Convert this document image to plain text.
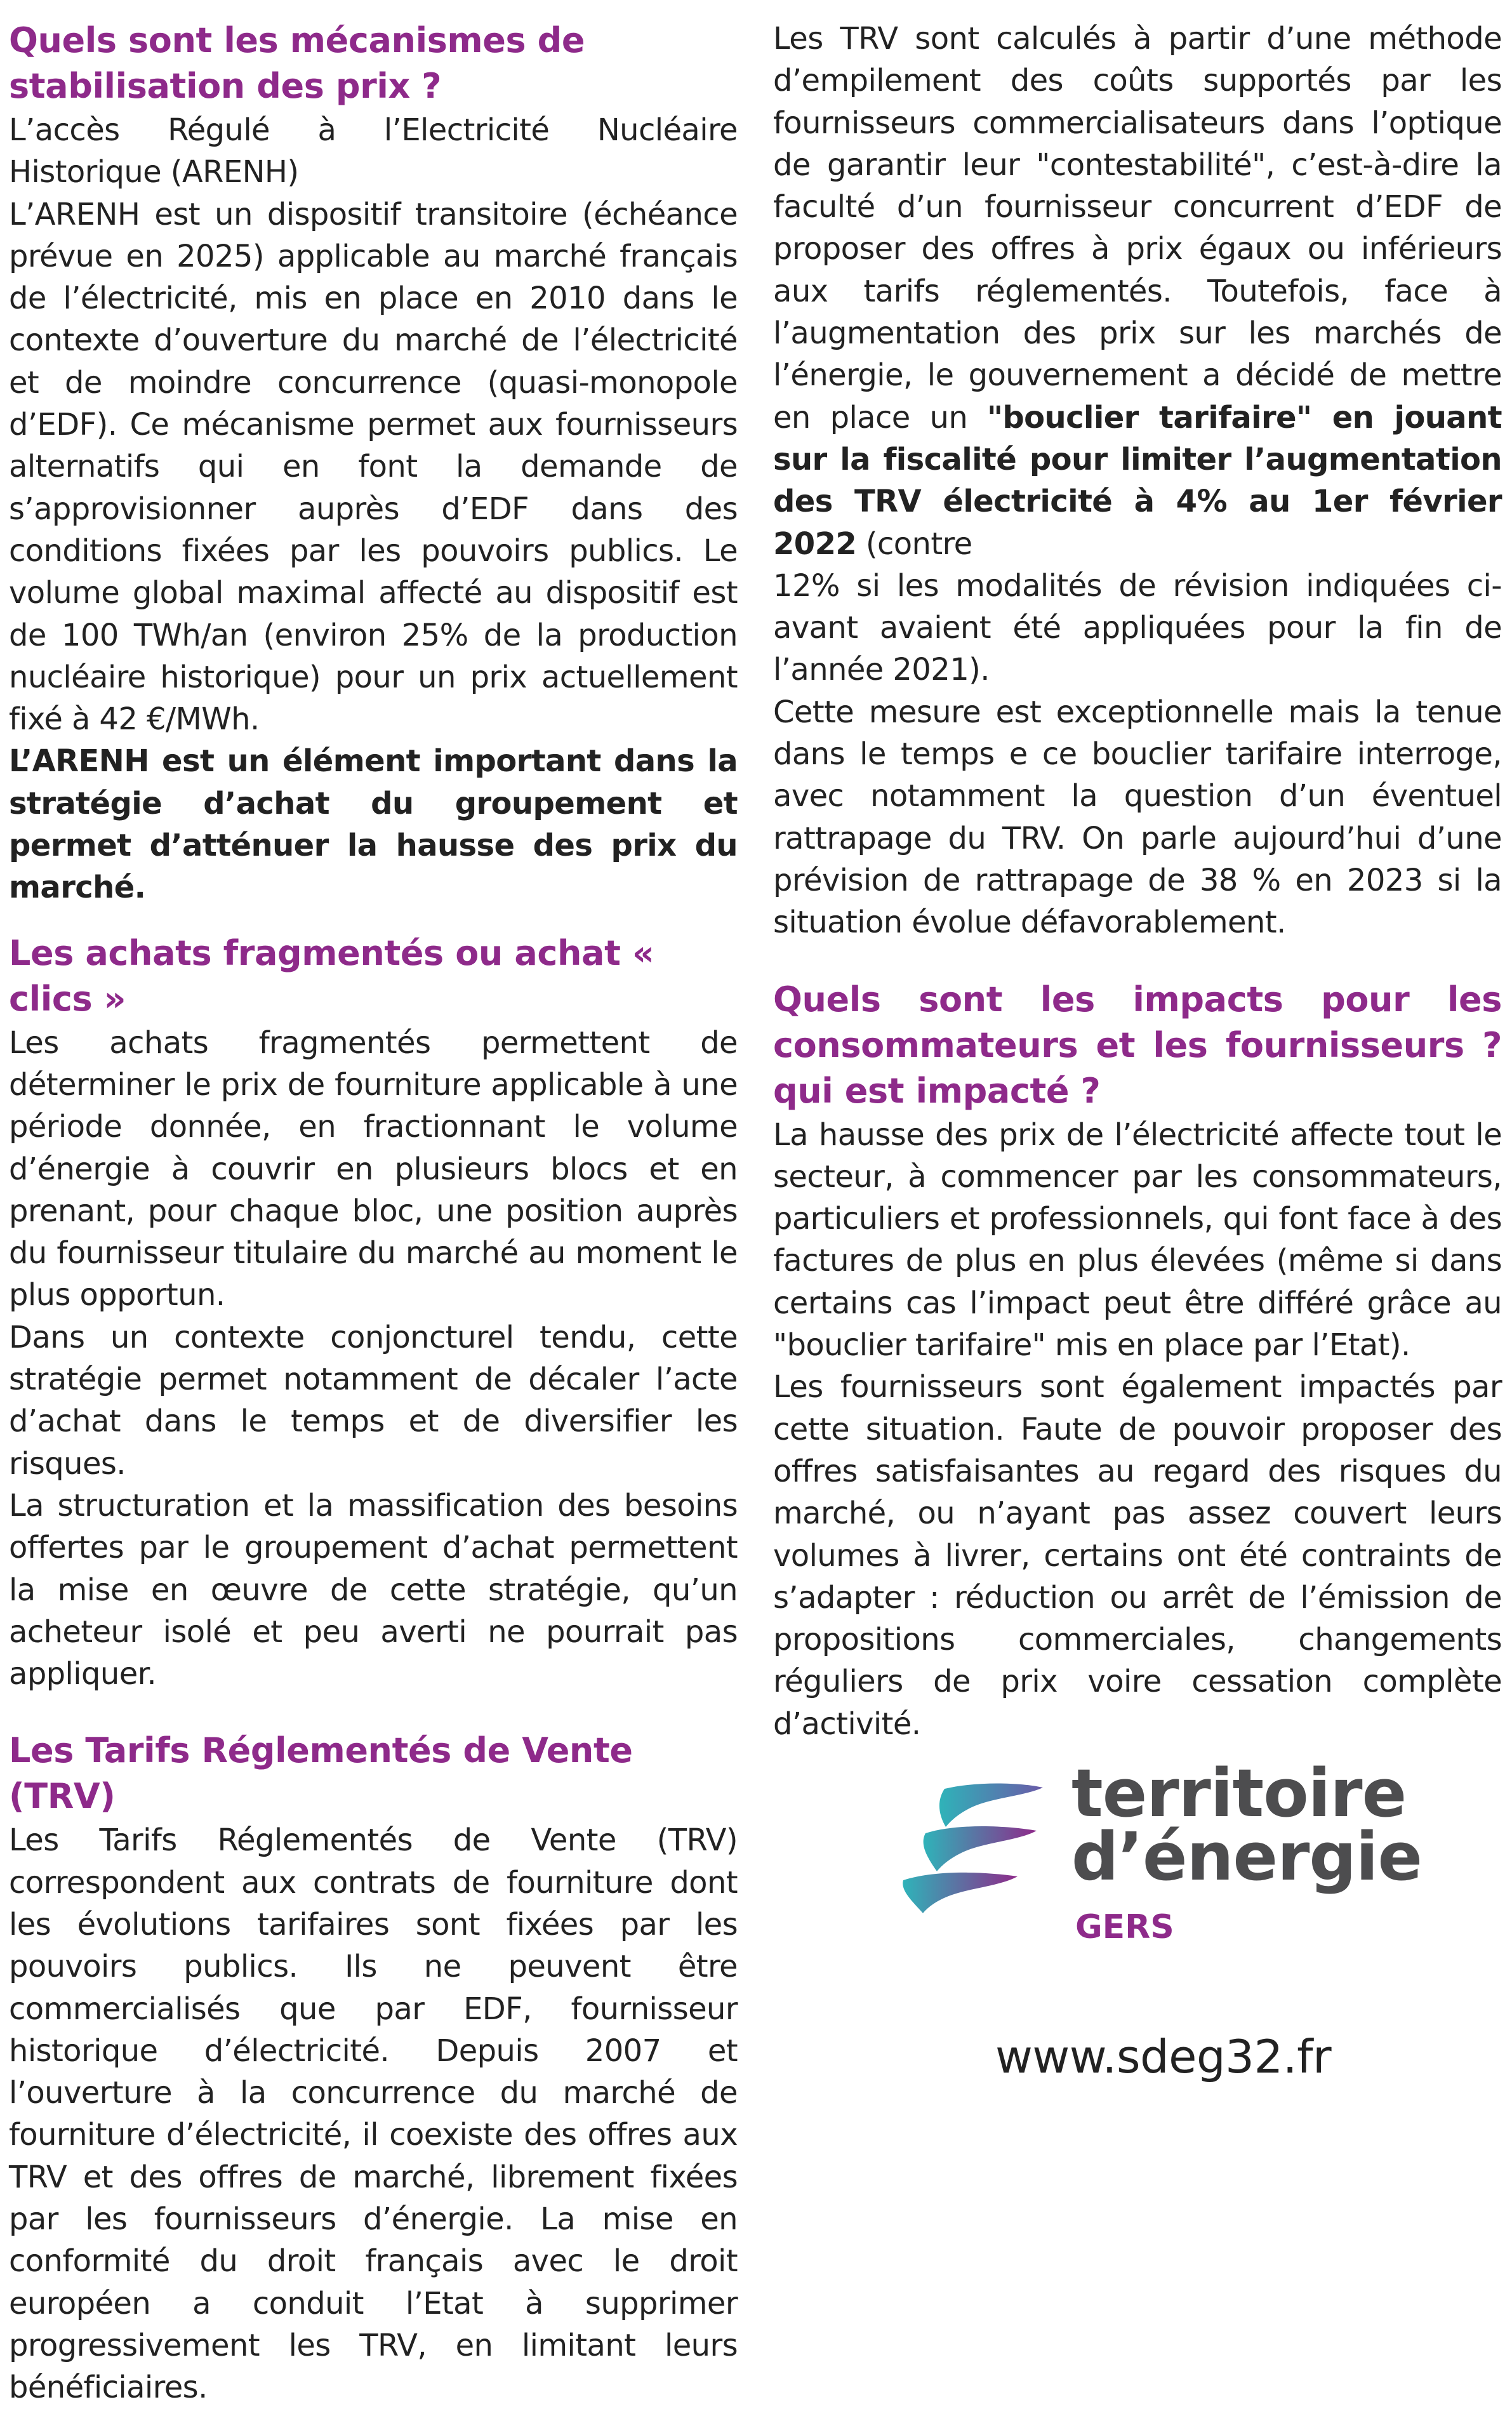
Quels sont les mécanismes de stabilisation des prix ?

L’accès Régulé à l’Electricité Nucléaire Historique (ARENH)

L’ARENH est un dispositif transitoire (échéance prévue en 2025) applicable au marché français de l’électricité, mis en place en 2010 dans le contexte d’ouverture du marché de l’électricité et de moindre concurrence (quasi-monopole d’EDF). Ce mécanisme permet aux fournisseurs alternatifs qui en font la demande de s’approvisionner auprès d’EDF dans des conditions fixées par les pouvoirs publics. Le volume global maximal affecté au dispositif est de 100 TWh/an (environ 25% de la production nucléaire historique) pour un prix actuellement fixé à 42 €/MWh.

L’ARENH est un élément important dans la stratégie d’achat du groupement et permet d’atténuer la hausse des prix du marché.

Les achats fragmentés ou achat « clics »

Les achats fragmentés permettent de déterminer le prix de fourniture applicable à une période donnée, en fractionnant le volume d’énergie à couvrir en plusieurs blocs et en prenant, pour chaque bloc, une position auprès du fournisseur titulaire du marché au moment le plus opportun.

Dans un contexte conjoncturel tendu, cette stratégie permet notamment de décaler l’acte d’achat dans le temps et de diversifier les risques.

La structuration et la massification des besoins offertes par le groupement d’achat permettent la mise en œuvre de cette stratégie, qu’un acheteur isolé et peu averti ne pourrait pas appliquer.

Les Tarifs Réglementés de Vente (TRV)

Les Tarifs Réglementés de Vente (TRV) correspondent aux contrats de fourniture dont les évolutions tarifaires sont fixées par les pouvoirs publics. Ils ne peuvent être commercialisés que par EDF, fournisseur historique d’électricité. Depuis 2007 et l’ouverture à la concurrence du marché de fourniture d’électricité, il coexiste des offres aux TRV et des offres de marché, librement fixées par les fournisseurs d’énergie. La mise en conformité du droit français avec le droit européen a conduit l’Etat à supprimer progressivement les TRV, en limitant leurs bénéficiaires.

Les TRV sont calculés à partir d’une méthode d’empilement des coûts supportés par les fournisseurs commercialisateurs dans l’optique de garantir leur "contestabilité", c’est-à-dire la faculté d’un fournisseur concurrent d’EDF de proposer des offres à prix égaux ou inférieurs aux tarifs réglementés. Toutefois, face à l’augmentation des prix sur les marchés de l’énergie, le gouvernement a décidé de mettre en place un "bouclier tarifaire" en jouant sur la fiscalité pour limiter l’augmentation des TRV électricité à 4% au 1er février 2022 (contre

12% si les modalités de révision indiquées ci-avant avaient été appliquées pour la fin de l’année 2021).

Cette mesure est exceptionnelle mais la tenue dans le temps e ce bouclier tarifaire interroge, avec notamment la question d’un éventuel rattrapage du TRV. On parle aujourd’hui d’une prévision de rattrapage de 38 % en 2023 si la situation évolue défavorablement.

Quels sont les impacts pour les consommateurs et les fournisseurs ? qui est impacté ?

La hausse des prix de l’électricité affecte tout le secteur, à commencer par les consommateurs, particuliers et professionnels, qui font face à des factures de plus en plus élevées (même si dans certains cas l’impact peut être différé grâce au "bouclier tarifaire" mis en place par l’Etat).

Les fournisseurs sont également impactés par cette situation. Faute de pouvoir proposer des offres satisfaisantes au regard des risques du marché, ou n’ayant pas assez couvert leurs volumes à livrer, certains ont été contraints de s’adapter : réduction ou arrêt de l’émission de propositions commerciales, changements réguliers de prix voire cessation complète d’activité.

territoire
d’énergie
GERS
www.sdeg32.fr
